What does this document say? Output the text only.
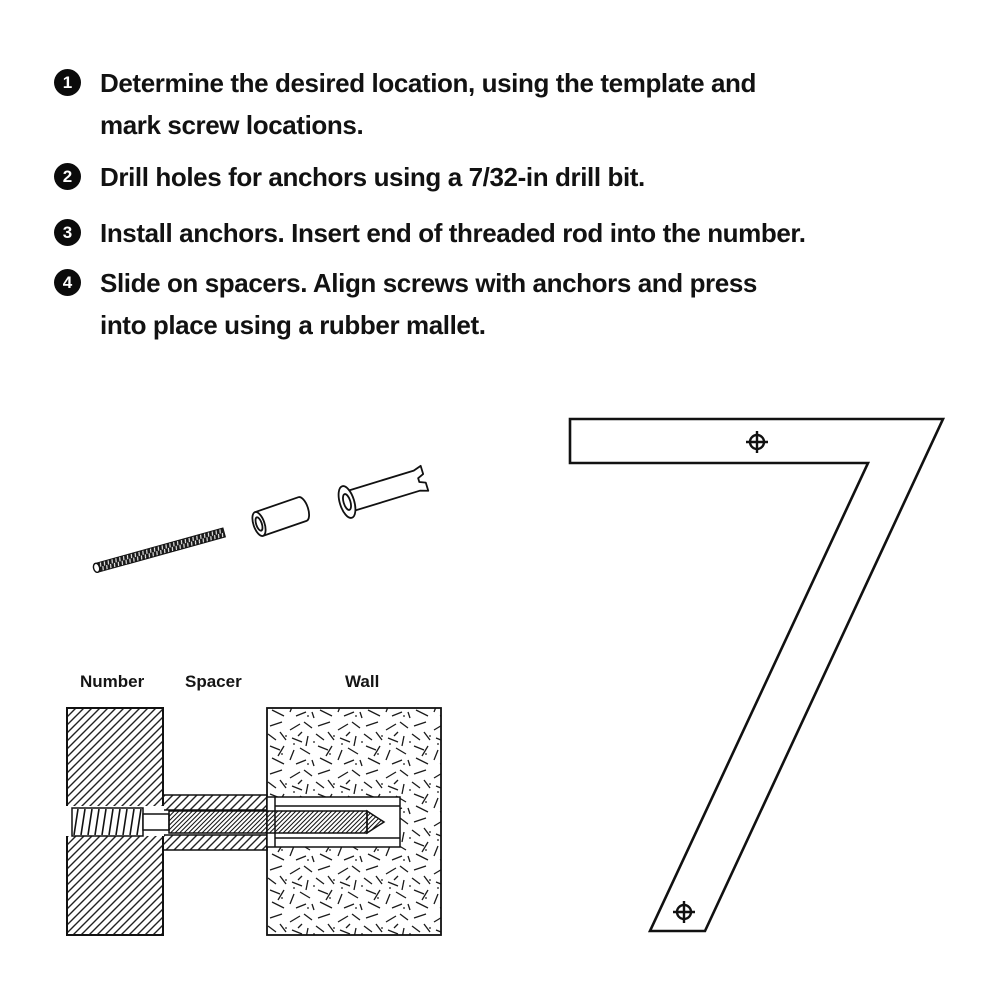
1 Determine the desired location, using the template and
mark screw locations.
2 Drill holes for anchors using a 7/32-in drill bit.
3 Install anchors. Insert end of threaded rod into the number.
4 Slide on spacers. Align screws with anchors and press
into place using a rubber mallet.
Number Spacer	Wall
